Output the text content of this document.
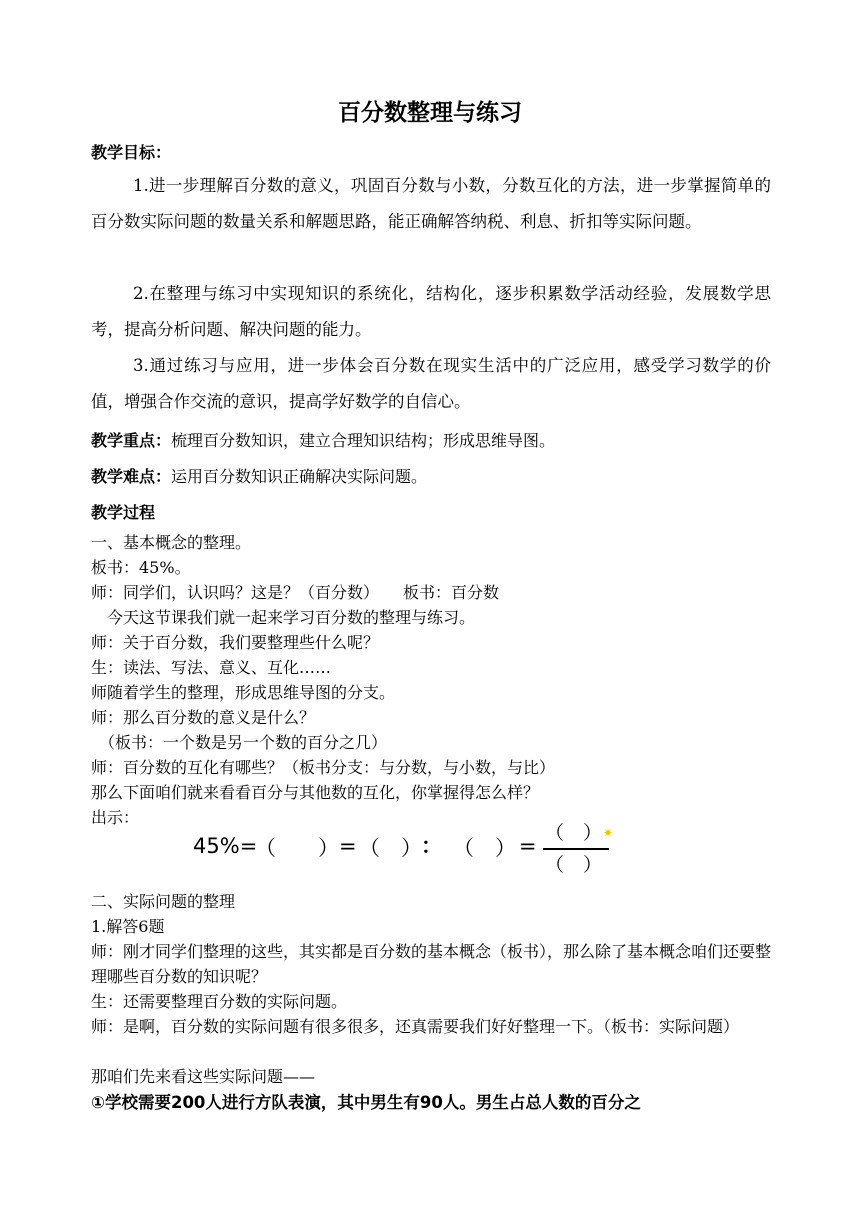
百分数整理与练习
教学目标：
1.进一步理解百分数的意义，巩固百分数与小数，分数互化的方法，进一步掌握简单的百分数实际问题的数量关系和解题思路，能正确解答纳税、利息、折扣等实际问题。
2.在整理与练习中实现知识的系统化，结构化，逐步积累数学活动经验，发展数学思考，提高分析问题、解决问题的能力。
3.通过练习与应用，进一步体会百分数在现实生活中的广泛应用，感受学习数学的价值，增强合作交流的意识，提高学好数学的自信心。
教学重点：梳理百分数知识，建立合理知识结构；形成思维导图。
教学难点：运用百分数知识正确解决实际问题。
教学过程
一、基本概念的整理。
板书：45%。
师：同学们，认识吗？这是？（百分数）　　板书：百分数
　今天这节课我们就一起来学习百分数的整理与练习。
师：关于百分数，我们要整理些什么呢？
生：读法、写法、意义、互化……
师随着学生的整理，形成思维导图的分支。
师：那么百分数的意义是什么？
　（板书：一个数是另一个数的百分之几）
师：百分数的互化有哪些？（板书分支：与分数，与小数，与比）
那么下面咱们就来看看百分与其他数的互化，你掌握得怎么样？
出示：
45%=
（　　） = （　） ： （　） =
（　） ✷
（　）
二、实际问题的整理
1.解答6题
师：刚才同学们整理的这些，其实都是百分数的基本概念（板书），那么除了基本概念咱们还要整理哪些百分数的知识呢？
生：还需要整理百分数的实际问题。
师：是啊，百分数的实际问题有很多很多，还真需要我们好好整理一下。（板书：实际问题）
那咱们先来看这些实际问题——
①学校需要200人进行方队表演，其中男生有90人。男生占总人数的百分之
